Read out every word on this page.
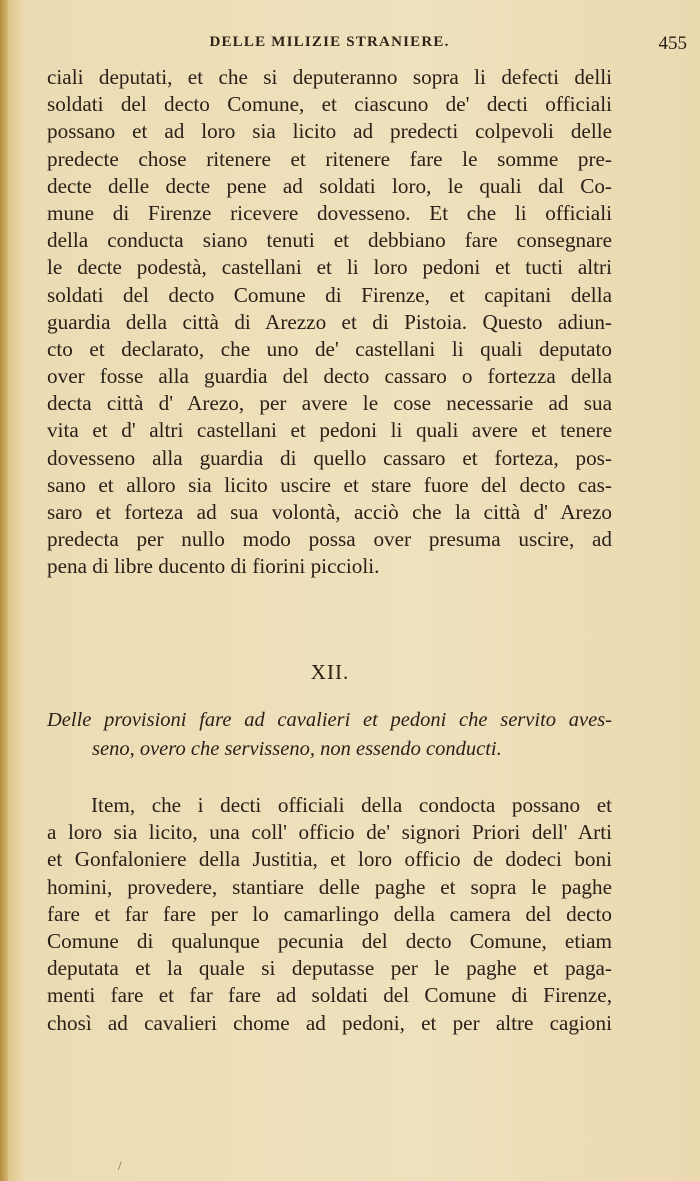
DELLE MILIZIE STRANIERE.	455
ciali deputati, et che si deputeranno sopra li defecti delli
soldati del decto Comune, et ciascuno de' decti officiali
possano et ad loro sia licito ad predecti colpevoli delle
predecte chose ritenere et ritenere fare le somme pre-
decte delle decte pene ad soldati loro, le quali dal Co-
mune di Firenze ricevere dovesseno. Et che li officiali
della conducta siano tenuti et debbiano fare consegnare
le decte podestà, castellani et li loro pedoni et tucti altri
soldati del decto Comune di Firenze, et capitani della
guardia della città di Arezzo et di Pistoia. Questo adiun-
cto et declarato, che uno de' castellani li quali deputato
over fosse alla guardia del decto cassaro o fortezza della
decta città d' Arezo, per avere le cose necessarie ad sua
vita et d' altri castellani et pedoni li quali avere et tenere
dovesseno alla guardia di quello cassaro et forteza, pos-
sano et alloro sia licito uscire et stare fuore del decto cas-
saro et forteza ad sua volontà, acciò che la città d' Arezo
predecta per nullo modo possa over presuma uscire, ad
pena di libre ducento di fiorini piccioli.
XII.
Delle provisioni fare ad cavalieri et pedoni che servito aves-
seno, overo che servisseno, non essendo conducti.
Item, che i decti officiali della condocta possano et
a loro sia licito, una coll' officio de' signori Priori dell' Arti
et Gonfaloniere della Justitia, et loro officio de dodeci boni
homini, provedere, stantiare delle paghe et sopra le paghe
fare et far fare per lo camarlingo della camera del decto
Comune di qualunque pecunia del decto Comune, etiam
deputata et la quale si deputasse per le paghe et paga-
menti fare et far fare ad soldati del Comune di Firenze,
chosì ad cavalieri chome ad pedoni, et per altre cagioni
/
